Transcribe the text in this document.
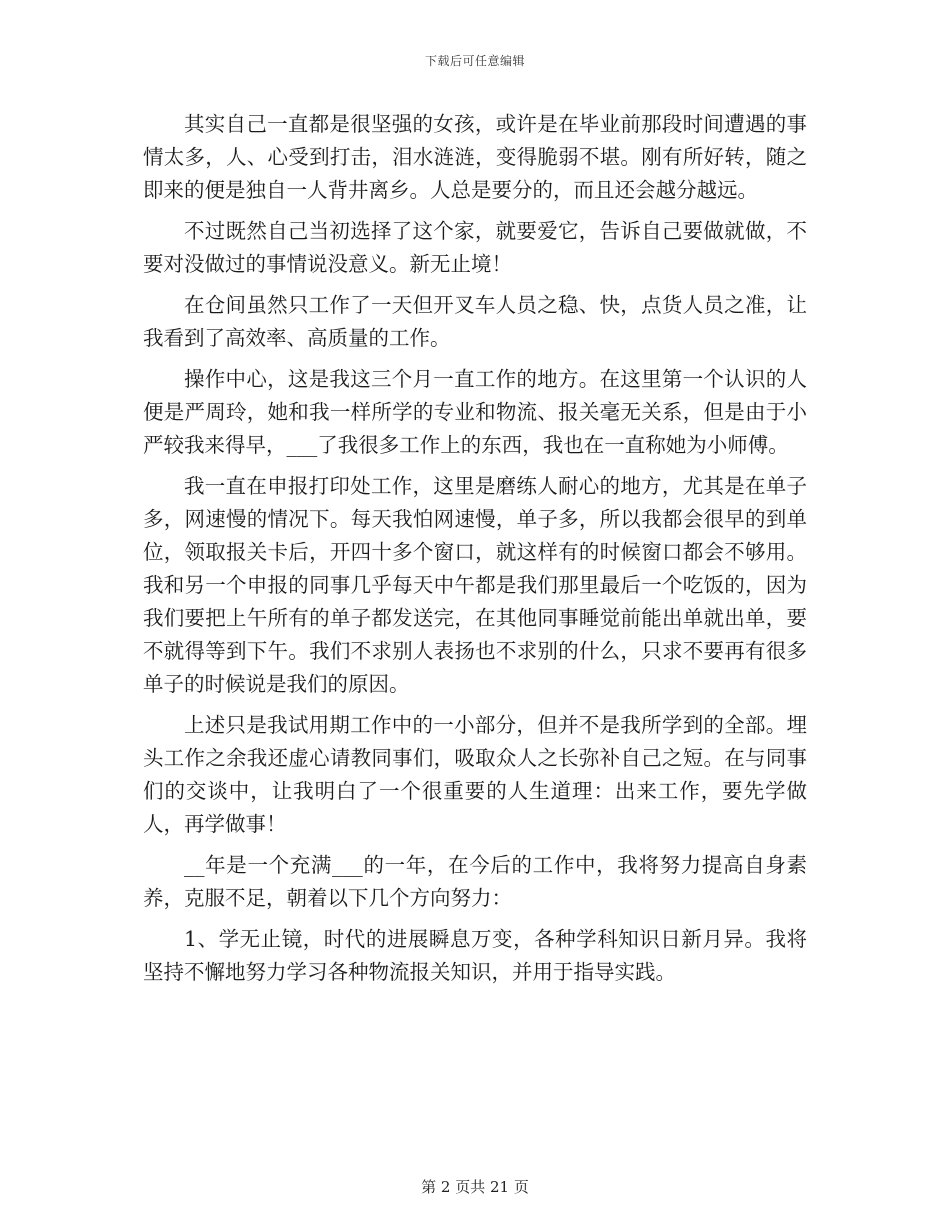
下载后可任意编辑

其实自己一直都是很坚强的女孩，或许是在毕业前那段时间遭遇的事情太多，人、心受到打击，泪水涟涟，变得脆弱不堪。刚有所好转，随之即来的便是独自一人背井离乡。人总是要分的，而且还会越分越远。

不过既然自己当初选择了这个家，就要爱它，告诉自己要做就做，不要对没做过的事情说没意义。新无止境！

在仓间虽然只工作了一天但开叉车人员之稳、快，点货人员之准，让我看到了高效率、高质量的工作。

操作中心，这是我这三个月一直工作的地方。在这里第一个认识的人便是严周玲，她和我一样所学的专业和物流、报关毫无关系，但是由于小严较我来得早，___了我很多工作上的东西，我也在一直称她为小师傅。

我一直在申报打印处工作，这里是磨练人耐心的地方，尤其是在单子多，网速慢的情况下。每天我怕网速慢，单子多，所以我都会很早的到单位，领取报关卡后，开四十多个窗口，就这样有的时候窗口都会不够用。我和另一个申报的同事几乎每天中午都是我们那里最后一个吃饭的，因为我们要把上午所有的单子都发送完，在其他同事睡觉前能出单就出单，要不就得等到下午。我们不求别人表扬也不求别的什么，只求不要再有很多单子的时候说是我们的原因。

上述只是我试用期工作中的一小部分，但并不是我所学到的全部。埋头工作之余我还虚心请教同事们，吸取众人之长弥补自己之短。在与同事们的交谈中，让我明白了一个很重要的人生道理：出来工作，要先学做人，再学做事！

__年是一个充满___的一年，在今后的工作中，我将努力提高自身素养，克服不足，朝着以下几个方向努力：

1、学无止镜，时代的进展瞬息万变，各种学科知识日新月异。我将坚持不懈地努力学习各种物流报关知识，并用于指导实践。

第 2 页共 21 页
